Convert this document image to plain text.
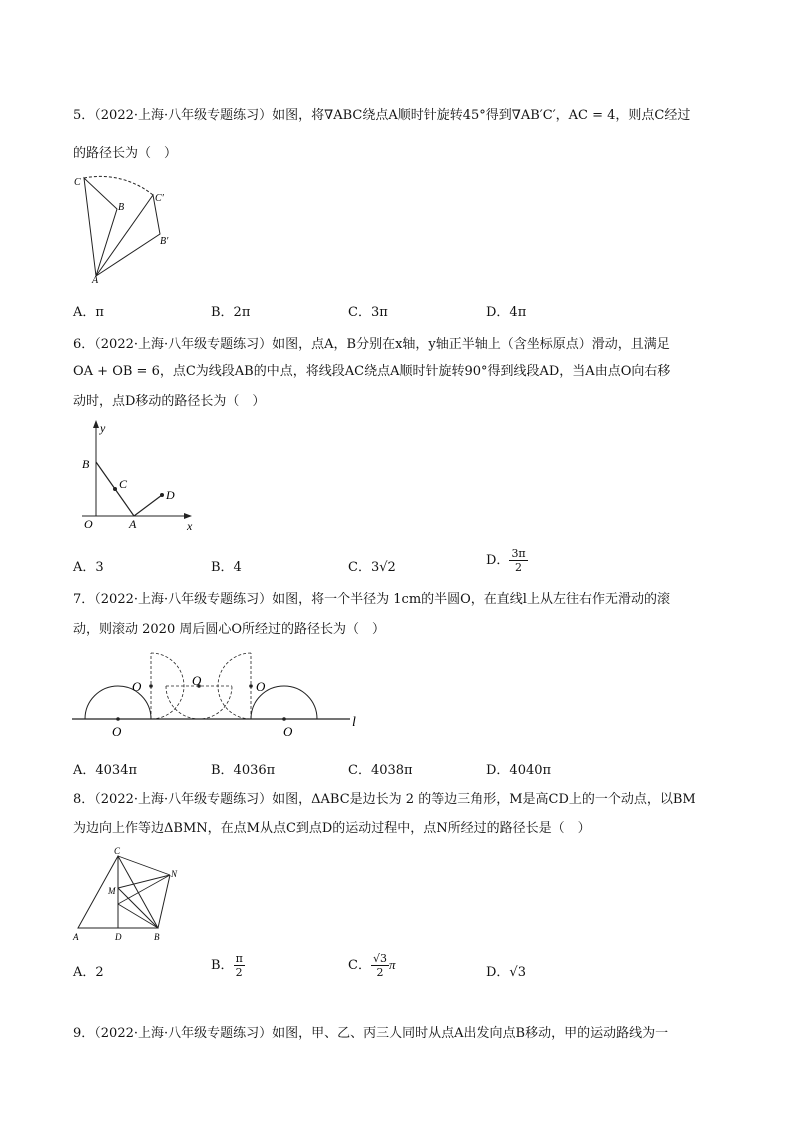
5．（2022·上海·八年级专题练习）如图，将∇ABC绕点A顺时针旋转45°得到∇AB′C′，AC = 4，则点C经过
的路径长为（　）
C
B
C′
B′
A
A．π	B．2π	C．3π	D．4π
6．（2022·上海·八年级专题练习）如图，点A，B分别在x轴，y轴正半轴上（含坐标原点）滑动，且满足
OA + OB = 6，点C为线段AB的中点，将线段AC绕点A顺时针旋转90°得到线段AD，当A由点O向右移
动时，点D移动的路径长为（　）
y
B
C
D
O	A	x
A．3	B．4	C．3√2	D． $\frac{3\pi}{2}$
7．（2022·上海·八年级专题练习）如图，将一个半径为 1cm的半圆O，在直线l上从左往右作无滑动的滚
动，则滚动 2020 周后圆心O所经过的路径长为（　）
O	O	O
O	O
l
A．4034π	B．4036π	C．4038π	D．4040π
8．（2022·上海·八年级专题练习）如图，ΔABC是边长为 2 的等边三角形，M是高CD上的一个动点，以BM
为边向上作等边ΔBMN，在点M从点C到点D的运动过程中，点N所经过的路径长是（　）
C
N
M
A	D	B
A．2	B． $\frac{\pi}{2}$	C． $\frac{√3}{2}$ π
D．√3
9．（2022·上海·八年级专题练习）如图，甲、乙、丙三人同时从点A出发向点B移动，甲的运动路线为一
